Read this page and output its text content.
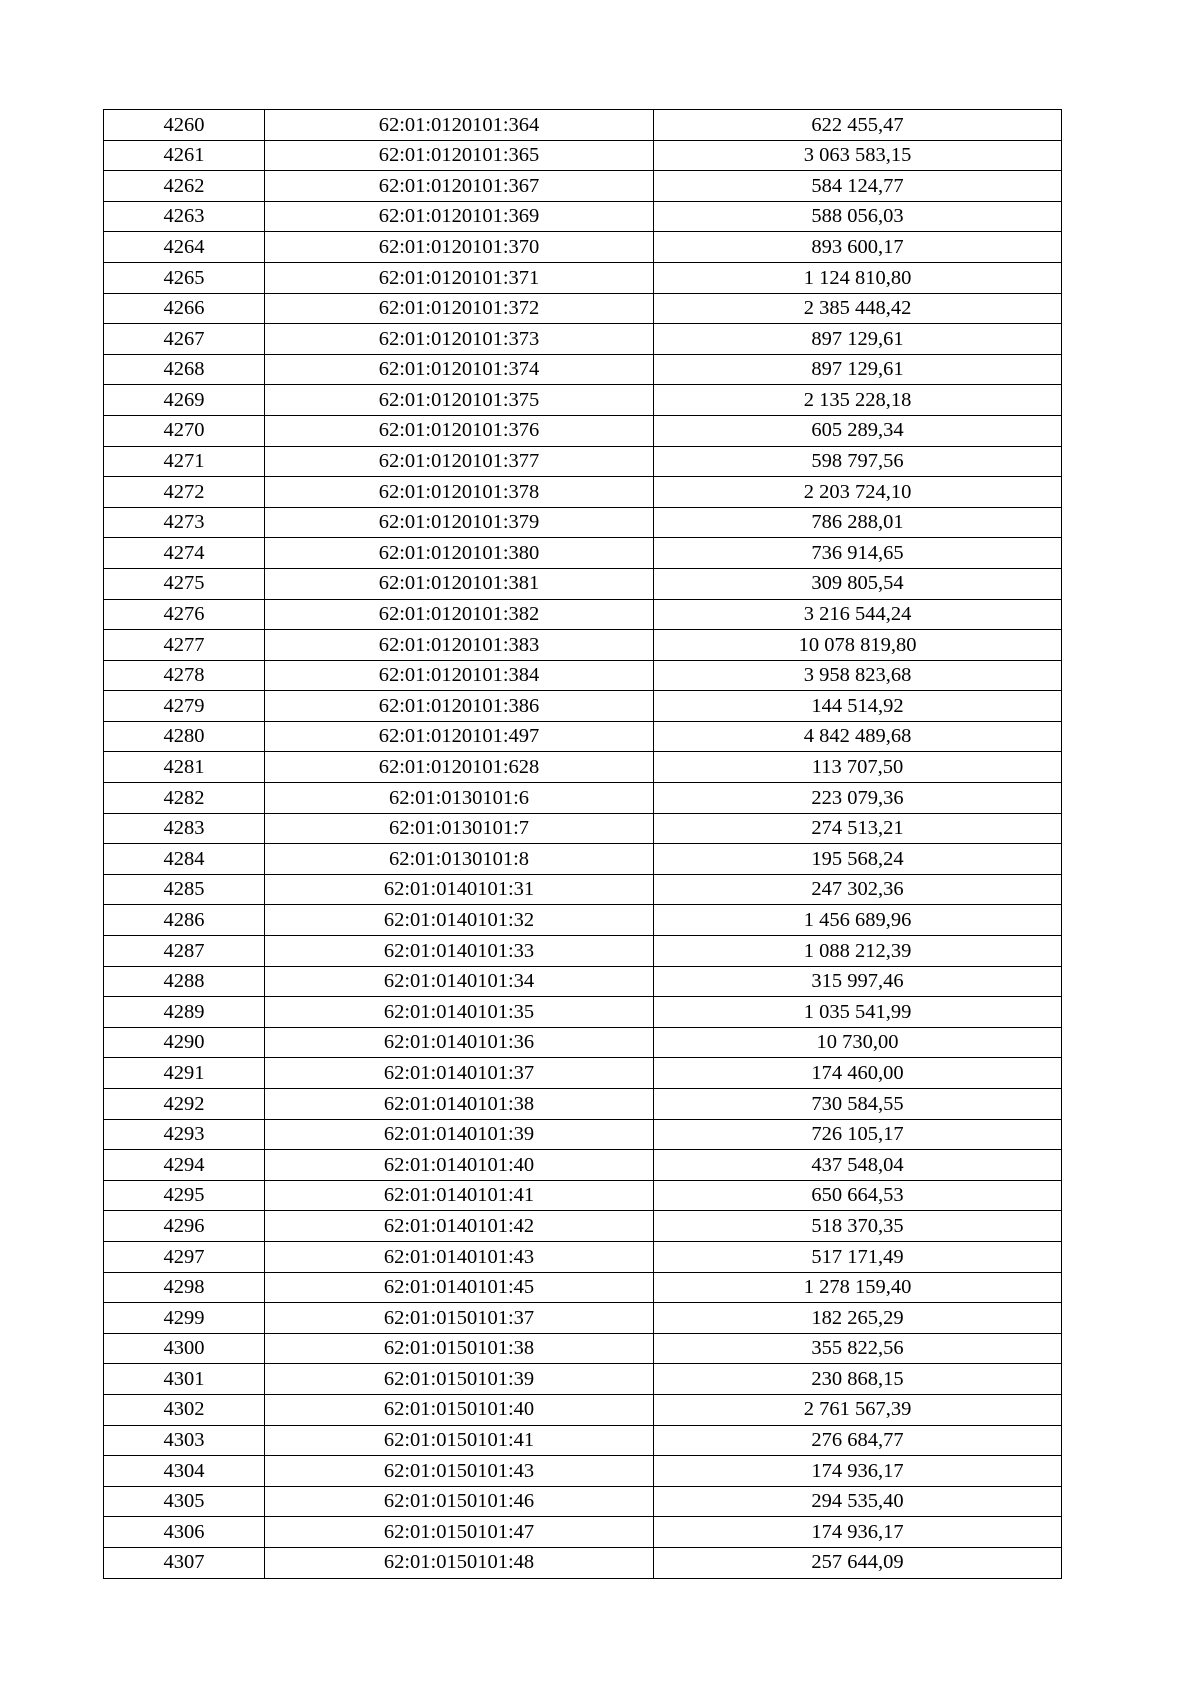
4260	62:01:0120101:364	622 455,47
4261	62:01:0120101:365	3 063 583,15
4262	62:01:0120101:367	584 124,77
4263	62:01:0120101:369	588 056,03
4264	62:01:0120101:370	893 600,17
4265	62:01:0120101:371	1 124 810,80
4266	62:01:0120101:372	2 385 448,42
4267	62:01:0120101:373	897 129,61
4268	62:01:0120101:374	897 129,61
4269	62:01:0120101:375	2 135 228,18
4270	62:01:0120101:376	605 289,34
4271	62:01:0120101:377	598 797,56
4272	62:01:0120101:378	2 203 724,10
4273	62:01:0120101:379	786 288,01
4274	62:01:0120101:380	736 914,65
4275	62:01:0120101:381	309 805,54
4276	62:01:0120101:382	3 216 544,24
4277	62:01:0120101:383	10 078 819,80
4278	62:01:0120101:384	3 958 823,68
4279	62:01:0120101:386	144 514,92
4280	62:01:0120101:497	4 842 489,68
4281	62:01:0120101:628	113 707,50
4282	62:01:0130101:6	223 079,36
4283	62:01:0130101:7	274 513,21
4284	62:01:0130101:8	195 568,24
4285	62:01:0140101:31	247 302,36
4286	62:01:0140101:32	1 456 689,96
4287	62:01:0140101:33	1 088 212,39
4288	62:01:0140101:34	315 997,46
4289	62:01:0140101:35	1 035 541,99
4290	62:01:0140101:36	10 730,00
4291	62:01:0140101:37	174 460,00
4292	62:01:0140101:38	730 584,55
4293	62:01:0140101:39	726 105,17
4294	62:01:0140101:40	437 548,04
4295	62:01:0140101:41	650 664,53
4296	62:01:0140101:42	518 370,35
4297	62:01:0140101:43	517 171,49
4298	62:01:0140101:45	1 278 159,40
4299	62:01:0150101:37	182 265,29
4300	62:01:0150101:38	355 822,56
4301	62:01:0150101:39	230 868,15
4302	62:01:0150101:40	2 761 567,39
4303	62:01:0150101:41	276 684,77
4304	62:01:0150101:43	174 936,17
4305	62:01:0150101:46	294 535,40
4306	62:01:0150101:47	174 936,17
4307	62:01:0150101:48	257 644,09
